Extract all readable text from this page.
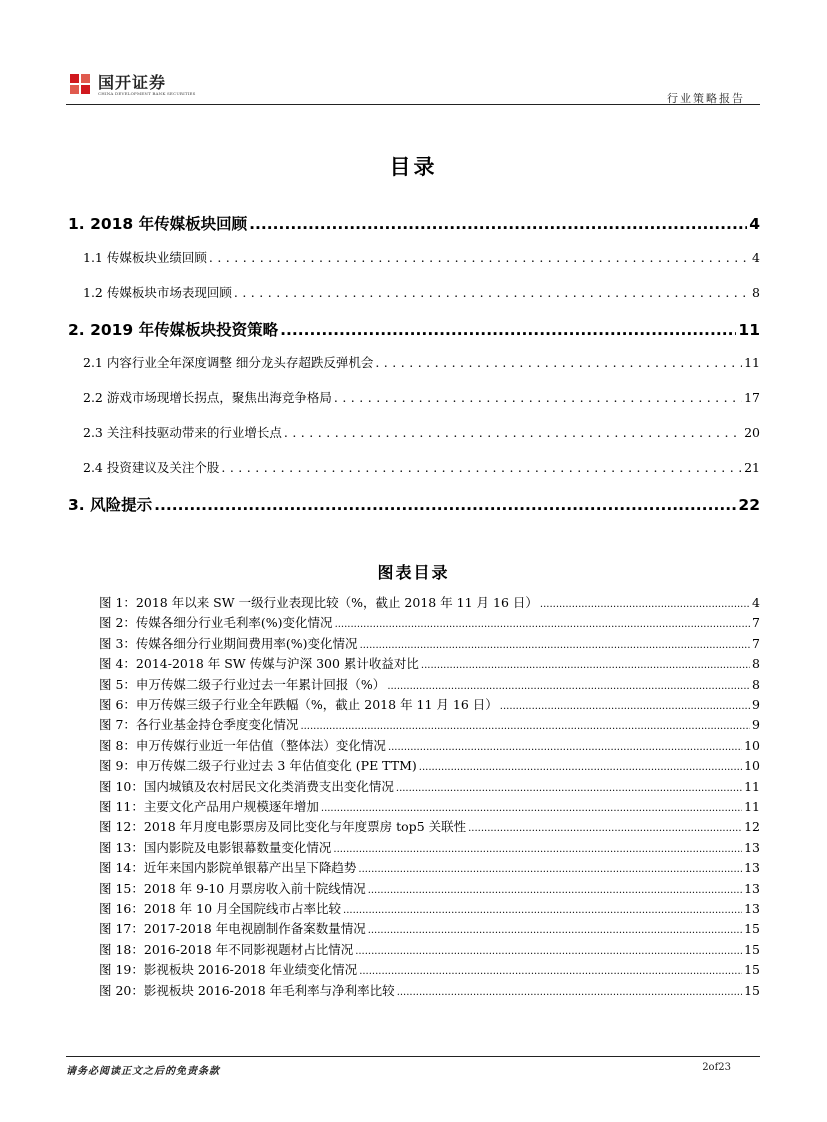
国开证券
CHINA DEVELOPMENT BANK SECURITIES	行业策略报告
目录
1. 2018 年传媒板块回顾 .....	4
1.1 传媒板块业绩回顾 .....	4
1.2 传媒板块市场表现回顾 .....	8
2. 2019 年传媒板块投资策略 .....	11
2.1 内容行业全年深度调整 细分龙头存超跌反弹机会 .....	11
2.2 游戏市场现增长拐点，聚焦出海竞争格局 .....	17
2.3 关注科技驱动带来的行业增长点 .....	20
2.4 投资建议及关注个股 .....	21
3. 风险提示 .....	22
图表目录
图 1：2018 年以来 SW 一级行业表现比较（%，截止 2018 年 11 月 16 日） .....	4
图 2：传媒各细分行业毛利率(%)变化情况 .....	7
图 3：传媒各细分行业期间费用率(%)变化情况 .....	7
图 4：2014-2018 年 SW 传媒与沪深 300 累计收益对比 .....	8
图 5：申万传媒二级子行业过去一年累计回报（%） .....	8
图 6：申万传媒三级子行业全年跌幅（%，截止 2018 年 11 月 16 日） .....	9
图 7：各行业基金持仓季度变化情况 .....	9
图 8：申万传媒行业近一年估值（整体法）变化情况 .....	10
图 9：申万传媒二级子行业过去 3 年估值变化 (PE TTM) .....	10
图 10：国内城镇及农村居民文化类消费支出变化情况 .....	11
图 11：主要文化产品用户规模逐年增加 .....	11
图 12：2018 年月度电影票房及同比变化与年度票房 top5 关联性 .....	12
图 13：国内影院及电影银幕数量变化情况 .....	13
图 14：近年来国内影院单银幕产出呈下降趋势 .....	13
图 15：2018 年 9-10 月票房收入前十院线情况 .....	13
图 16：2018 年 10 月全国院线市占率比较 .....	13
图 17：2017-2018 年电视剧制作备案数量情况 .....	15
图 18：2016-2018 年不同影视题材占比情况 .....	15
图 19：影视板块 2016-2018 年业绩变化情况 .....	15
图 20：影视板块 2016-2018 年毛利率与净利率比较 .....	15
请务必阅读正文之后的免责条款	2of23
